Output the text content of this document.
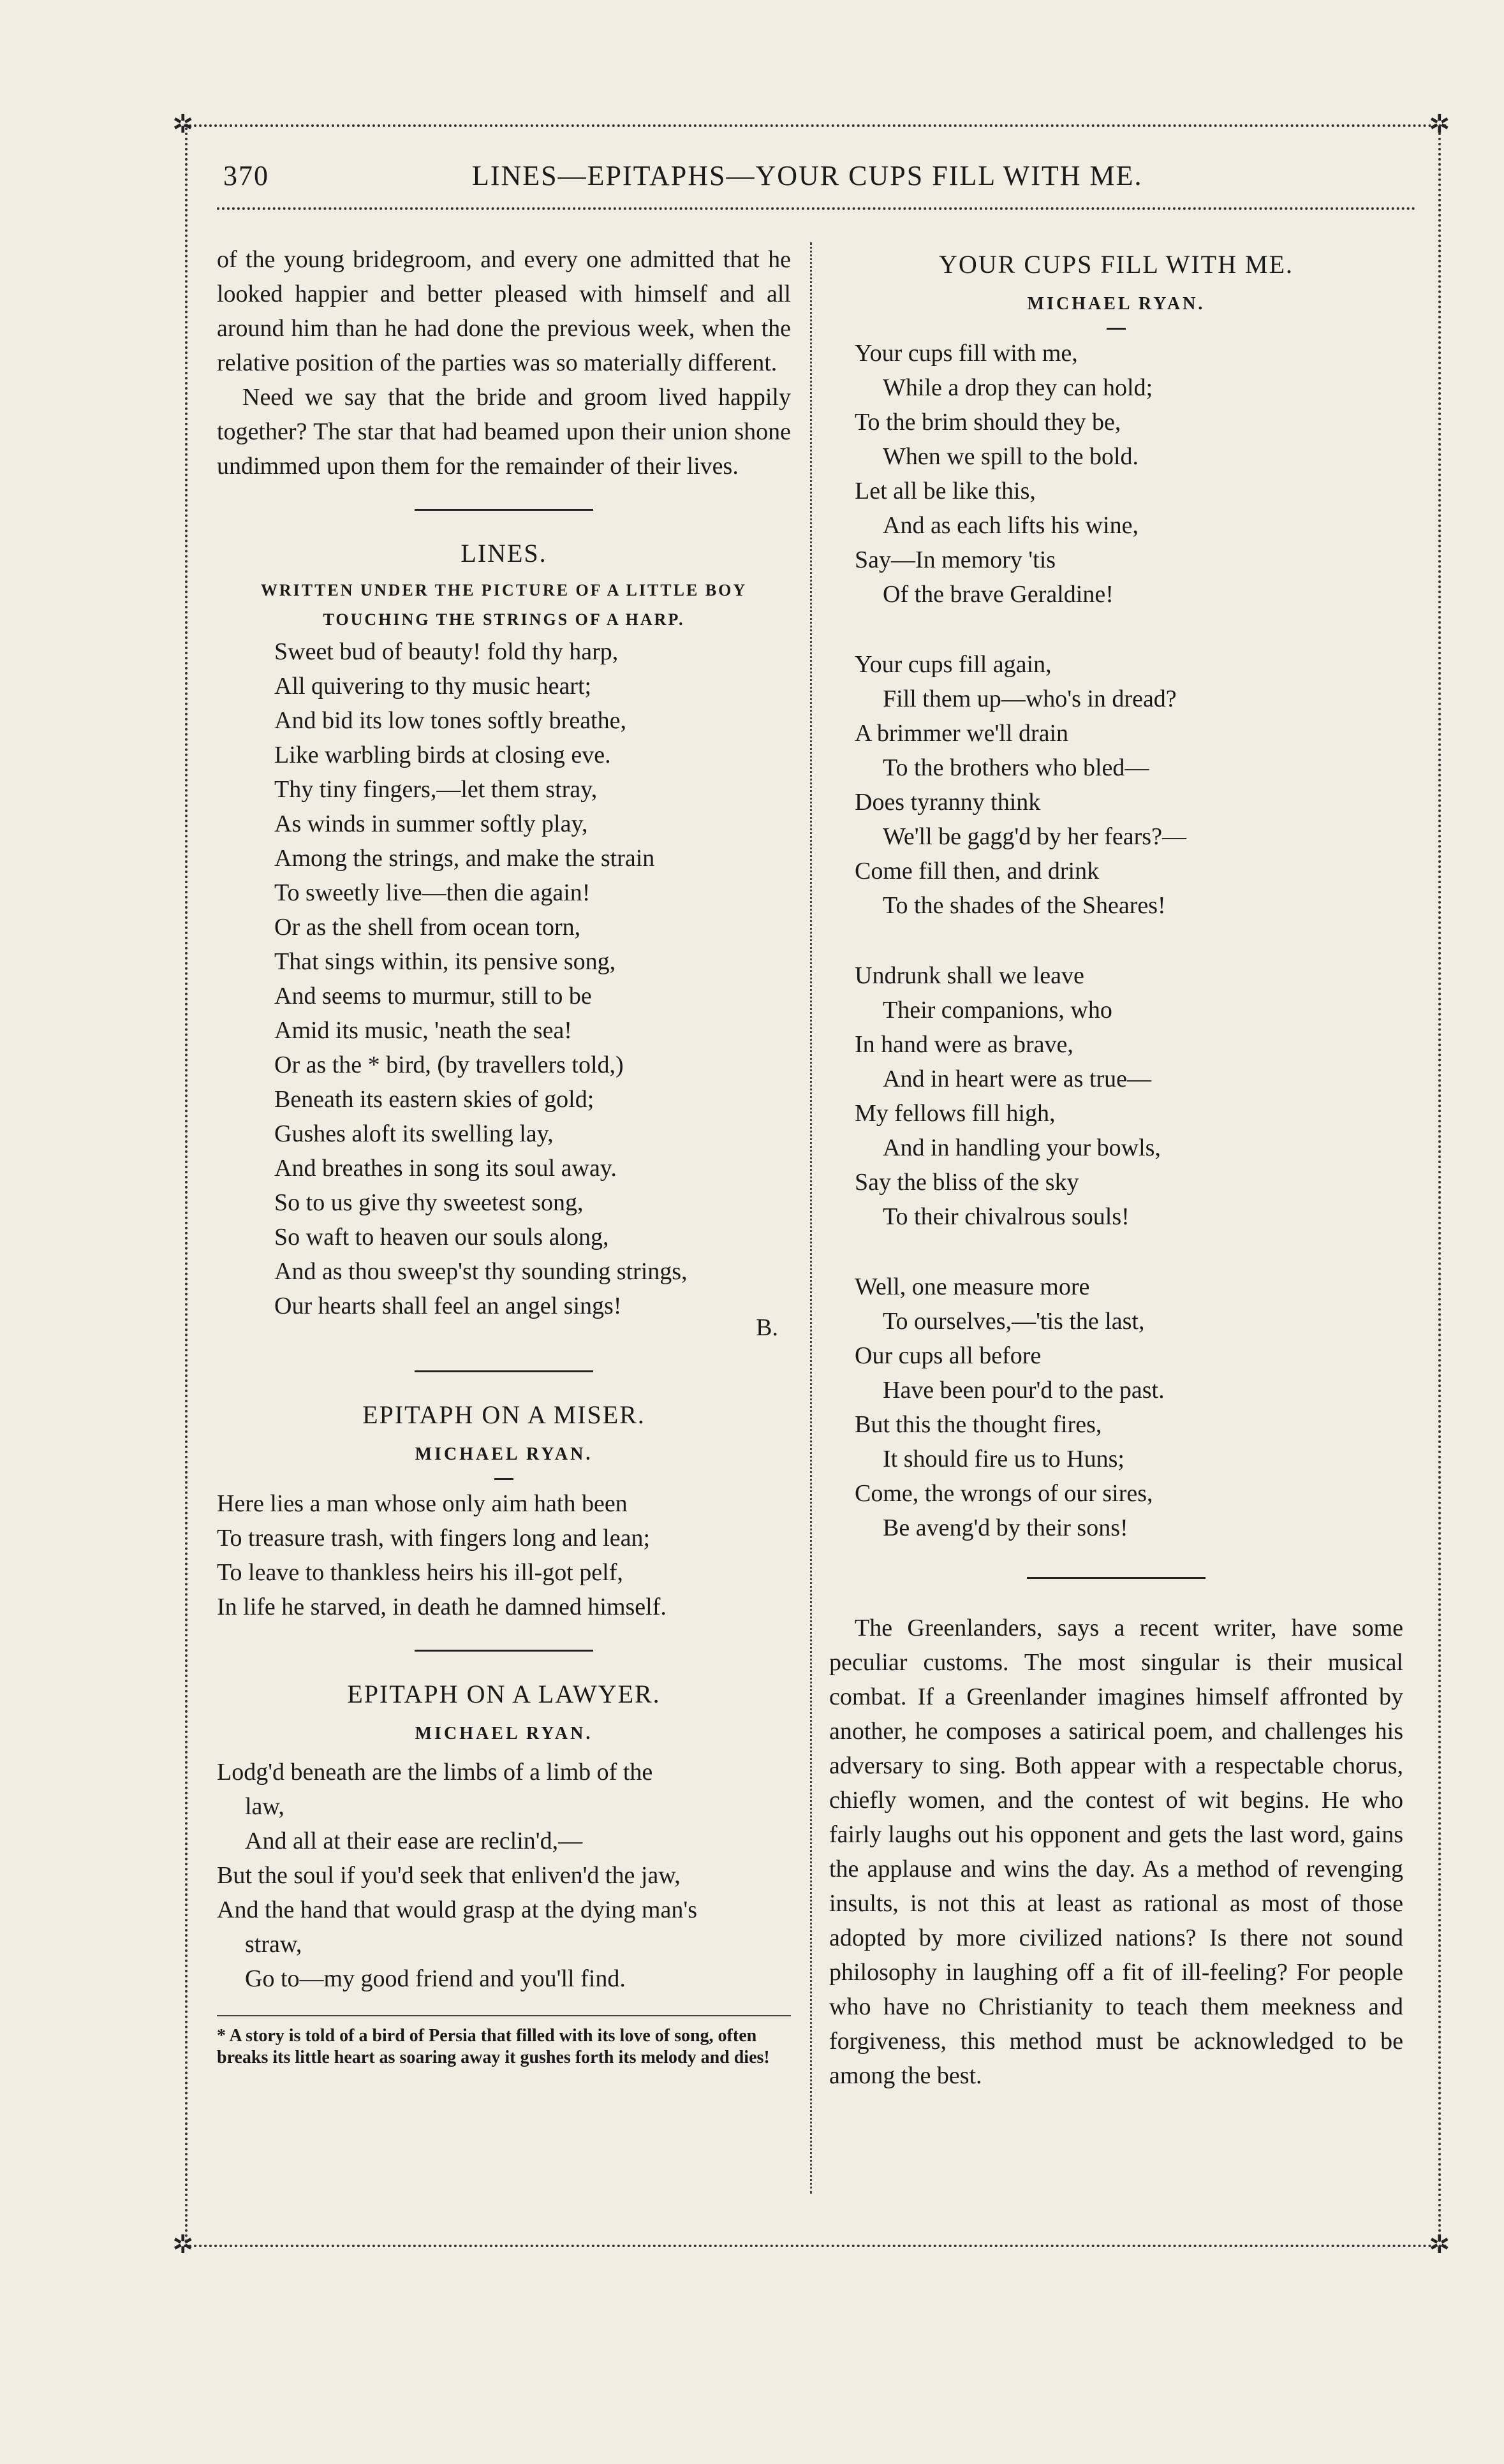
✲	✲
✲	✲
370	LINES—EPITAPHS—YOUR CUPS FILL WITH ME.

of the young bridegroom, and every one admitted that he looked happier and better pleased with himself and all around him than he had done the previous week, when the relative position of the parties was so materially different.

Need we say that the bride and groom lived happily together? The star that had beamed upon their union shone undimmed upon them for the remainder of their lives.

LINES.
WRITTEN UNDER THE PICTURE OF A LITTLE BOY
TOUCHING THE STRINGS OF A HARP.
Sweet bud of beauty! fold thy harp,
All quivering to thy music heart;
And bid its low tones softly breathe,
Like warbling birds at closing eve.
Thy tiny fingers,—let them stray,
As winds in summer softly play,
Among the strings, and make the strain
To sweetly live—then die again!
Or as the shell from ocean torn,
That sings within, its pensive song,
And seems to murmur, still to be
Amid its music, 'neath the sea!
Or as the * bird, (by travellers told,)
Beneath its eastern skies of gold;
Gushes aloft its swelling lay,
And breathes in song its soul away.
So to us give thy sweetest song,
So waft to heaven our souls along,
And as thou sweep'st thy sounding strings,
Our hearts shall feel an angel sings!
B.
EPITAPH ON A MISER.
MICHAEL RYAN.
Here lies a man whose only aim hath been
To treasure trash, with fingers long and lean;
To leave to thankless heirs his ill-got pelf,
In life he starved, in death he damned himself.
EPITAPH ON A LAWYER.
MICHAEL RYAN.
Lodg'd beneath are the limbs of a limb of the
law,
And all at their ease are reclin'd,—
But the soul if you'd seek that enliven'd the jaw,
And the hand that would grasp at the dying man's
straw,
Go to—my good friend and you'll find.
* A story is told of a bird of Persia that filled with its love of song, often breaks its little heart as soaring away it gushes forth its melody and dies!
YOUR CUPS FILL WITH ME.
MICHAEL RYAN.
Your cups fill with me,
While a drop they can hold;
To the brim should they be,
When we spill to the bold.
Let all be like this,
And as each lifts his wine,
Say—In memory 'tis
Of the brave Geraldine!
Your cups fill again,
Fill them up—who's in dread?
A brimmer we'll drain
To the brothers who bled—
Does tyranny think
We'll be gagg'd by her fears?—
Come fill then, and drink
To the shades of the Sheares!
Undrunk shall we leave
Their companions, who
In hand were as brave,
And in heart were as true—
My fellows fill high,
And in handling your bowls,
Say the bliss of the sky
To their chivalrous souls!
Well, one measure more
To ourselves,—'tis the last,
Our cups all before
Have been pour'd to the past.
But this the thought fires,
It should fire us to Huns;
Come, the wrongs of our sires,
Be aveng'd by their sons!

The Greenlanders, says a recent writer, have some peculiar customs. The most singular is their musical combat. If a Greenlander imagines himself affronted by another, he composes a satirical poem, and challenges his adversary to sing. Both appear with a respectable chorus, chiefly women, and the contest of wit begins. He who fairly laughs out his opponent and gets the last word, gains the applause and wins the day. As a method of revenging insults, is not this at least as rational as most of those adopted by more civilized nations? Is there not sound philosophy in laughing off a fit of ill-feeling? For people who have no Christianity to teach them meekness and forgiveness, this method must be acknowledged to be among the best.
